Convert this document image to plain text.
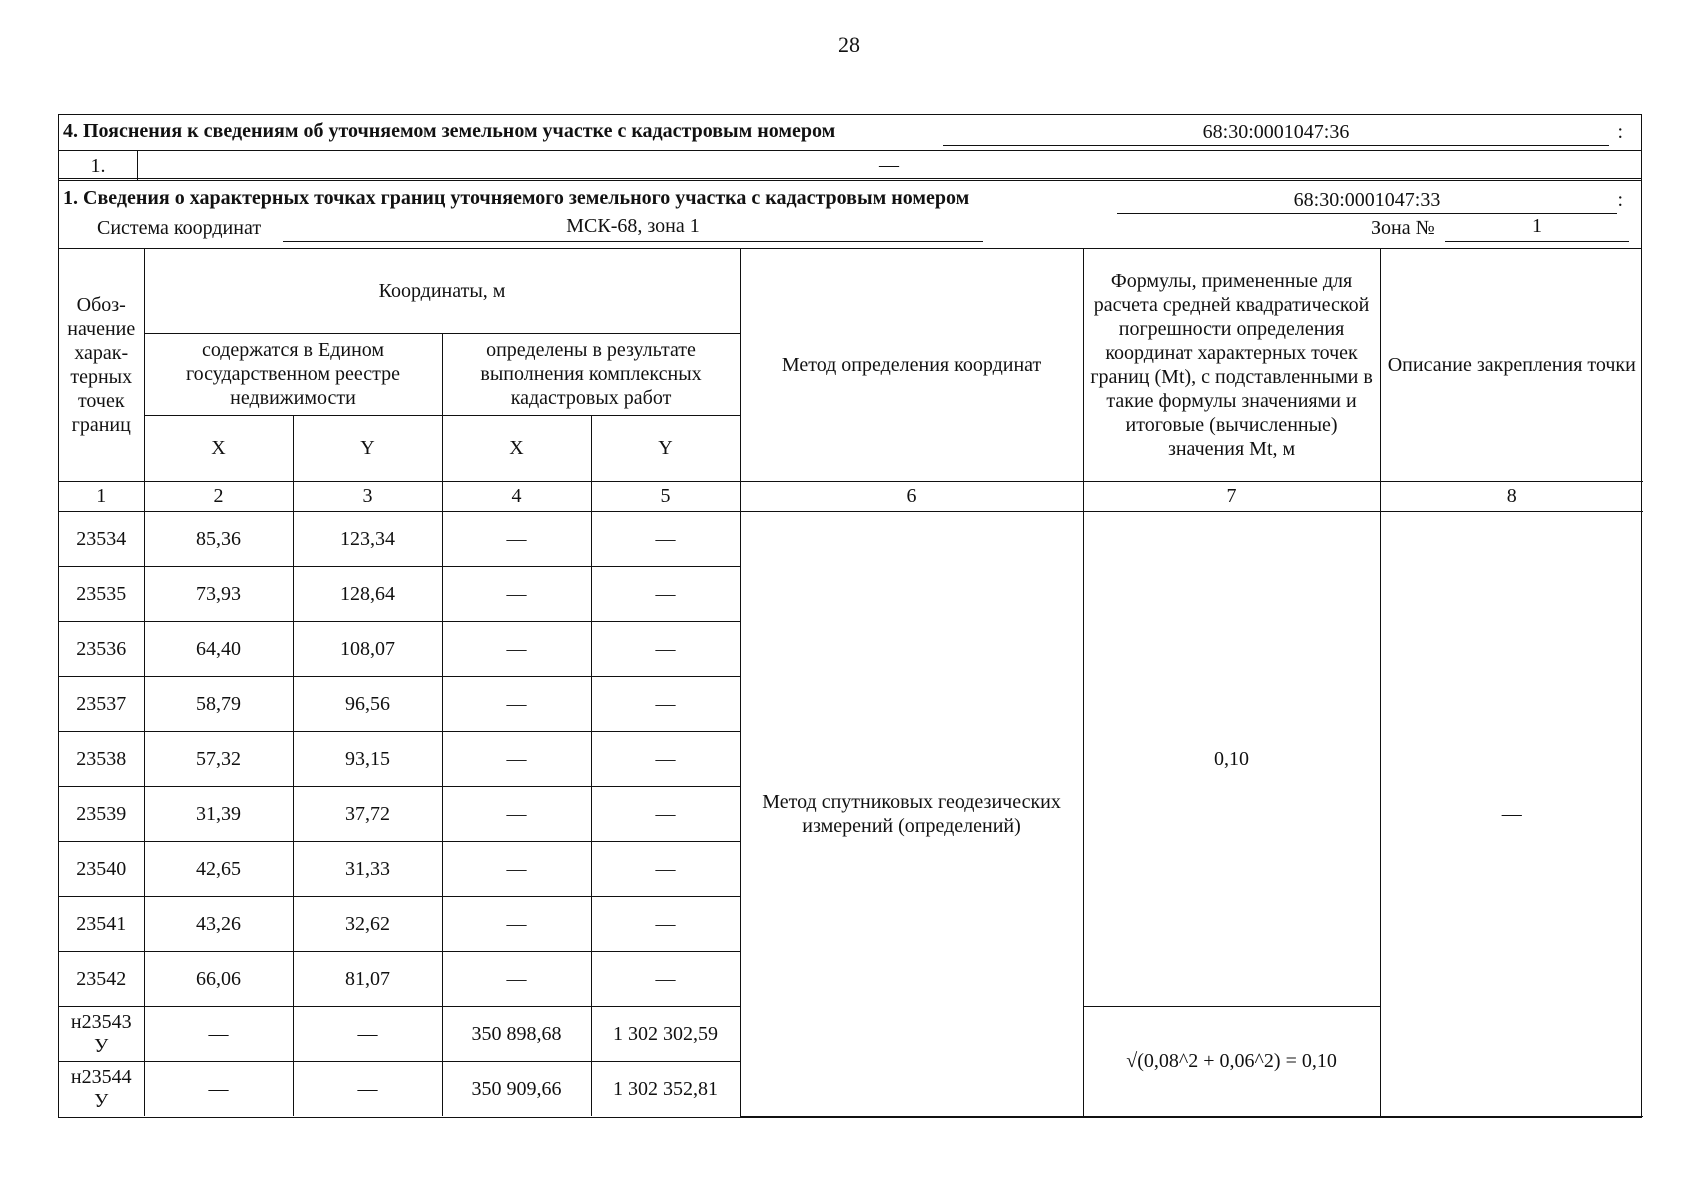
28
4. Пояснения к сведениям об уточняемом земельном участке с кадастровым номером	68:30:0001047:36	:
1.	—
1. Сведения о характерных точках границ уточняемого земельного участка с кадастровым номером	68:30:0001047:33	:
Система координат	МСК-68, зона 1	Зона №	1
Обоз-начение харак-терных точек границ	Координаты, м				Метод определения координат	Формулы, примененные для расчета средней квадратической погрешности определения координат характерных точек границ (Mt), с подставленными в такие формулы значениями и итоговые (вычисленные) значения Mt, м	Описание закрепления точки
	содержатся в Едином государственном реестре недвижимости		определены в результате выполнения комплексных кадастровых работ				
	X	Y	X	Y			
1	2	3	4	5	6	7	8
23534	85,36	123,34	—	—	Метод спутниковых геодезических измерений (определений)	0,10	—
23535	73,93	128,64	—	—			
23536	64,40	108,07	—	—			
23537	58,79	96,56	—	—			
23538	57,32	93,15	—	—			
23539	31,39	37,72	—	—			
23540	42,65	31,33	—	—			
23541	43,26	32,62	—	—			
23542	66,06	81,07	—	—			
н23543 У	—	—	350 898,68	1 302 302,59		√(0,08^2 + 0,06^2) = 0,10	
н23544 У	—	—	350 909,66	1 302 352,81			
